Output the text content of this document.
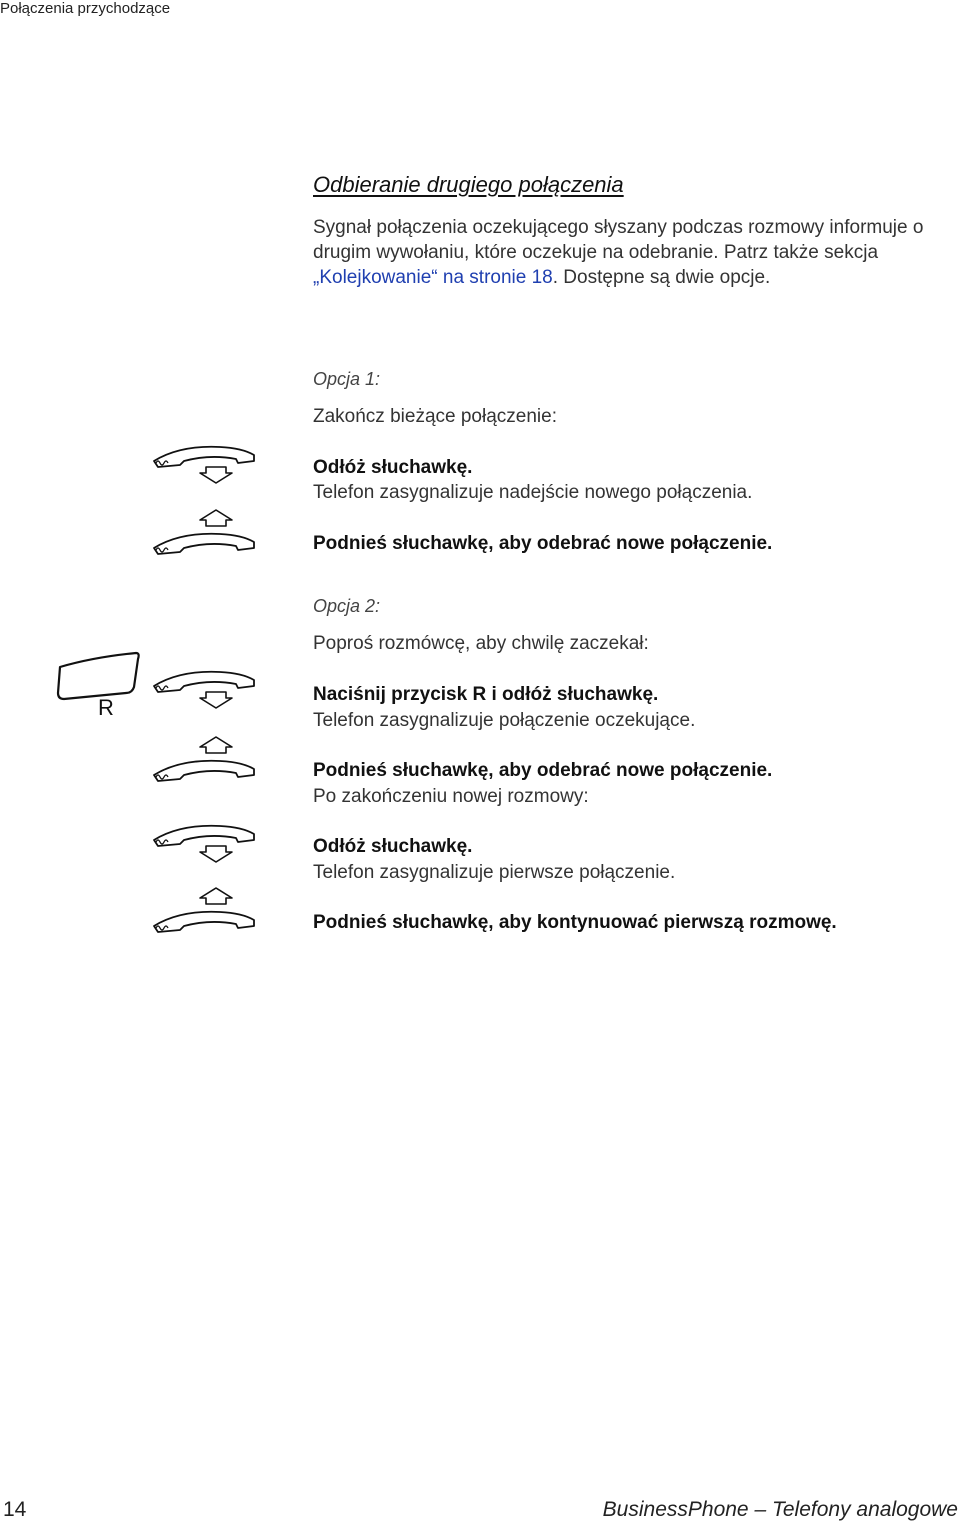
Połączenia przychodzące
Odbieranie drugiego połączenia
Sygnał połączenia oczekującego słyszany podczas rozmowy informuje o drugim wywołaniu, które oczekuje na odebranie. Patrz także sekcja „Kolejkowanie“ na stronie 18. Dostępne są dwie opcje.
Opcja 1:
Zakończ bieżące połączenie:
Odłóż słuchawkę.
Telefon zasygnalizuje nadejście nowego połączenia.
Podnieś słuchawkę, aby odebrać nowe połączenie.
Opcja 2:
Poproś rozmówcę, aby chwilę zaczekał:
R
Naciśnij przycisk R i odłóż słuchawkę.
Telefon zasygnalizuje połączenie oczekujące.
Podnieś słuchawkę, aby odebrać nowe połączenie.
Po zakończeniu nowej rozmowy:
Odłóż słuchawkę.
Telefon zasygnalizuje pierwsze połączenie.
Podnieś słuchawkę, aby kontynuować pierwszą rozmowę.
14	BusinessPhone – Telefony analogowe
